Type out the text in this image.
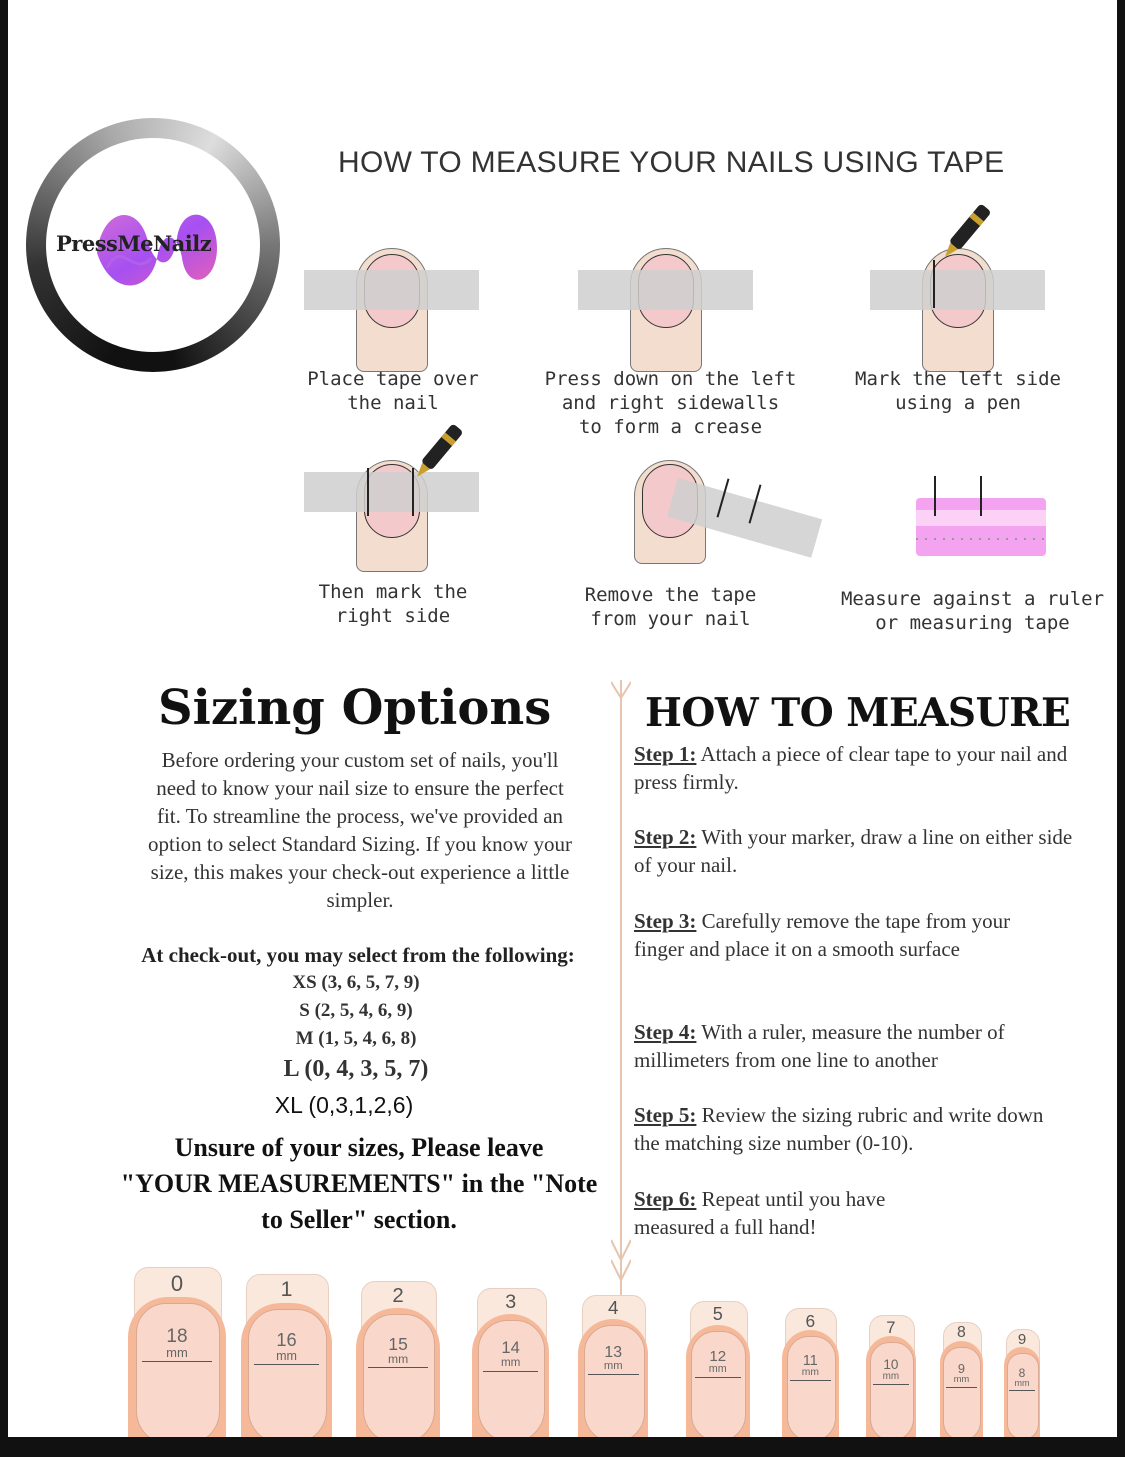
PressMeNailz
HOW TO MEASURE YOUR NAILS USING TAPE
Place tape over
the nail
Press down on the left
and right sidewalls
to form a crease
Mark the left side
using a pen
Then mark the
right side
Remove the tape
from your nail
Measure against a ruler
or measuring tape
Sizing Options
Before ordering your custom set of nails, you'll
need to know your nail size to ensure the perfect
fit. To streamline the process, we've provided an
option to select Standard Sizing. If you know your
size, this makes your check-out experience a little
simpler.
At check-out, you may select from the following:
XS (3, 6, 5, 7, 9)
S (2, 5, 4, 6, 9)
M (1, 5, 4, 6, 8)
L (0, 4, 3, 5, 7)
XL (0,3,1,2,6)
Unsure of your sizes, Please leave
"YOUR MEASUREMENTS" in the "Note
to Seller" section.
HOW TO MEASURE
Step 1: Attach a piece of clear tape to your nail and press firmly.
Step 2: With your marker, draw a line on either side of your nail.
Step 3: Carefully remove the tape from your finger and place it on a smooth surface
Step 4: With a ruler, measure the number of millimeters from one line to another
Step 5: Review the sizing rubric and write down the matching size number (0-10).
Step 6: Repeat until you have measured a full hand!
0
18
mm
1
16
mm
2
15
mm
3
14
mm
4
13
mm
5
12
mm
6
11
mm
7
10
mm
8
9
mm
9
8
mm
